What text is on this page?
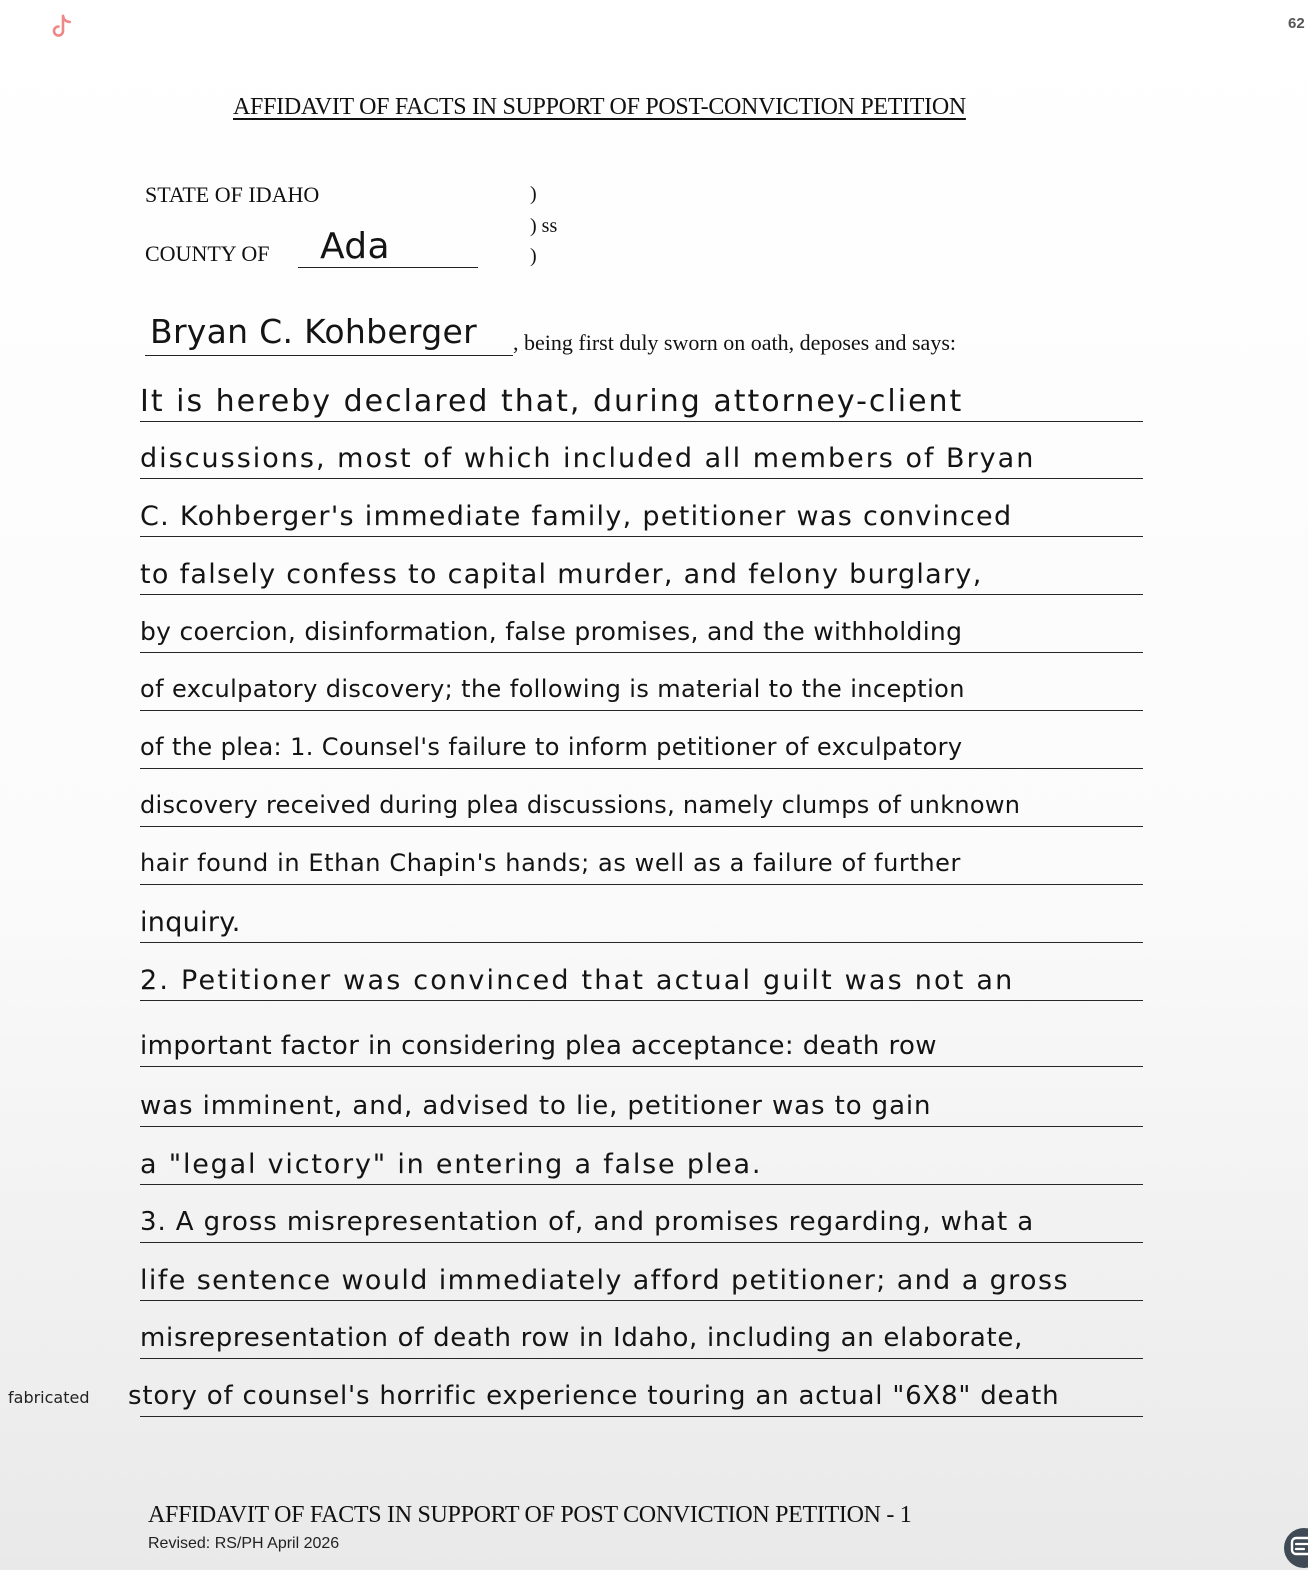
62
AFFIDAVIT OF FACTS IN SUPPORT OF POST-CONVICTION PETITION
STATE OF IDAHO
COUNTY OF Ada
)
) ss
)
Bryan C. Kohberger , being first duly sworn on oath, deposes and says:
It is hereby declared that, during attorney-client
discussions, most of which included all members of Bryan
C. Kohberger's immediate family, petitioner was convinced
to falsely confess to capital murder, and felony burglary,
by coercion, disinformation, false promises, and the withholding
of exculpatory discovery; the following is material to the inception
of the plea: 1. Counsel's failure to inform petitioner of exculpatory
discovery received during plea discussions, namely clumps of unknown
hair found in Ethan Chapin's hands; as well as a failure of further
inquiry.
2. Petitioner was convinced that actual guilt was not an
important factor in considering plea acceptance: death row
was imminent, and, advised to lie, petitioner was to gain
a "legal victory" in entering a false plea.
3. A gross misrepresentation of, and promises regarding, what a
life sentence would immediately afford petitioner; and a gross
misrepresentation of death row in Idaho, including an elaborate,
story of counsel's horrific experience touring an actual "6X8" death
fabricated
AFFIDAVIT OF FACTS IN SUPPORT OF POST CONVICTION PETITION - 1
Revised: RS/PH April 2026
